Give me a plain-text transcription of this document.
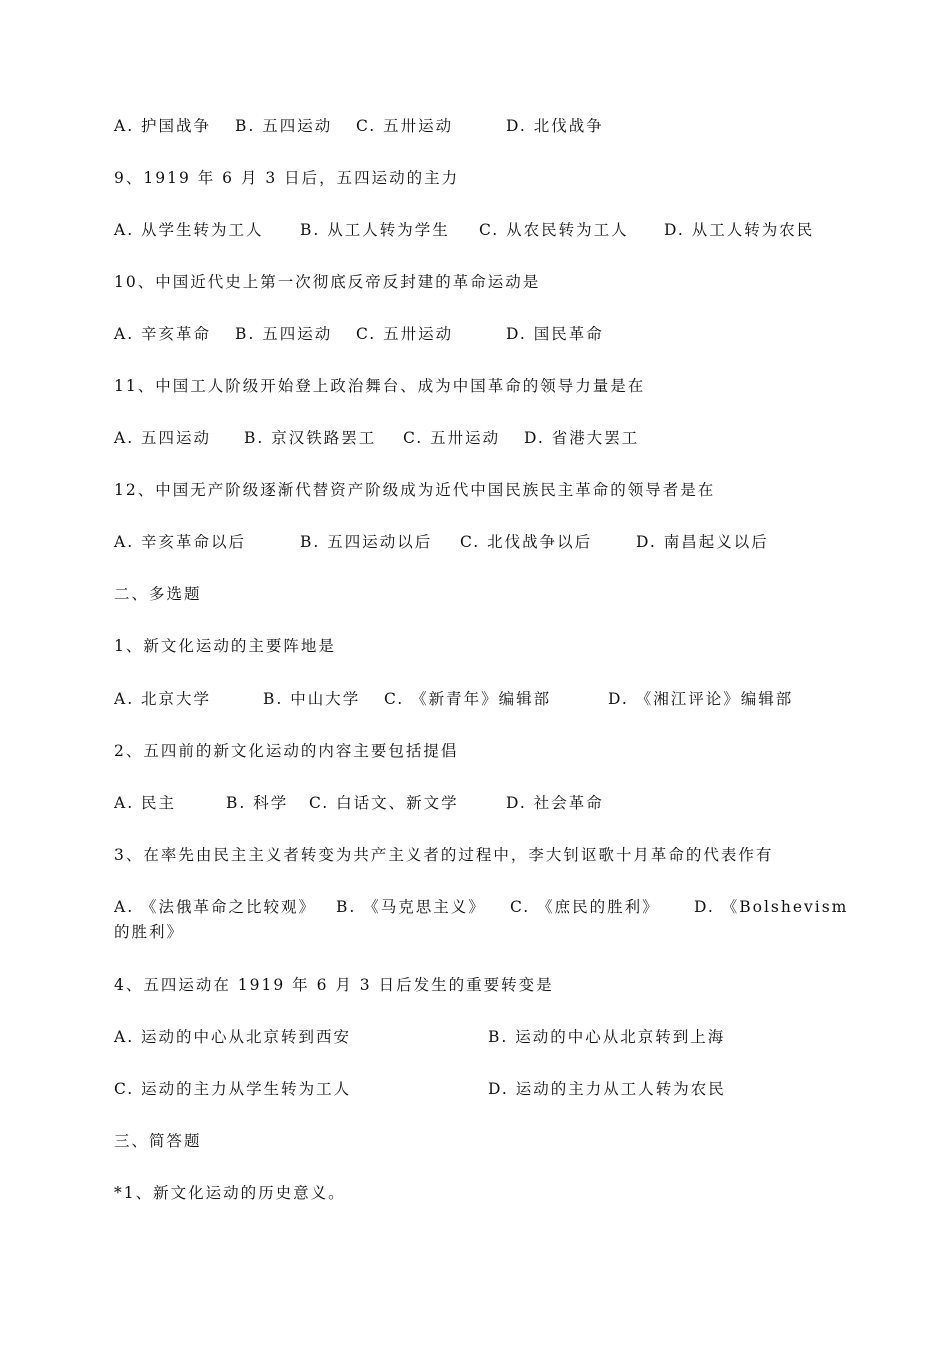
A. 护国战争 B. 五四运动 C. 五卅运动	D. 北伐战争
9、1919 年 6 月 3 日后，五四运动的主力
A. 从学生转为工人 B. 从工人转为学生 C. 从农民转为工人 D. 从工人转为农民
10、中国近代史上第一次彻底反帝反封建的革命运动是
A. 辛亥革命 B. 五四运动 C. 五卅运动	D. 国民革命
11、中国工人阶级开始登上政治舞台、成为中国革命的领导力量是在
A. 五四运动 B. 京汉铁路罢工 C. 五卅运动 D. 省港大罢工
12、中国无产阶级逐渐代替资产阶级成为近代中国民族民主革命的领导者是在
A. 辛亥革命以后	B. 五四运动以后 C. 北伐战争以后	D. 南昌起义以后
二、多选题
1、新文化运动的主要阵地是
A. 北京大学	B. 中山大学 C. 《新青年》编辑部	D. 《湘江评论》编辑部
2、五四前的新文化运动的内容主要包括提倡
A. 民主	B. 科学 C. 白话文、新文学	D. 社会革命
3、在率先由民主主义者转变为共产主义者的过程中，李大钊讴歌十月革命的代表作有
A. 《法俄革命之比较观》 B. 《马克思主义》 C. 《庶民的胜利》 D. 《Bolshevism
的胜利》
4、五四运动在 1919 年 6 月 3 日后发生的重要转变是
A. 运动的中心从北京转到西安	B. 运动的中心从北京转到上海
C. 运动的主力从学生转为工人	D. 运动的主力从工人转为农民
三、简答题
*1、新文化运动的历史意义。
